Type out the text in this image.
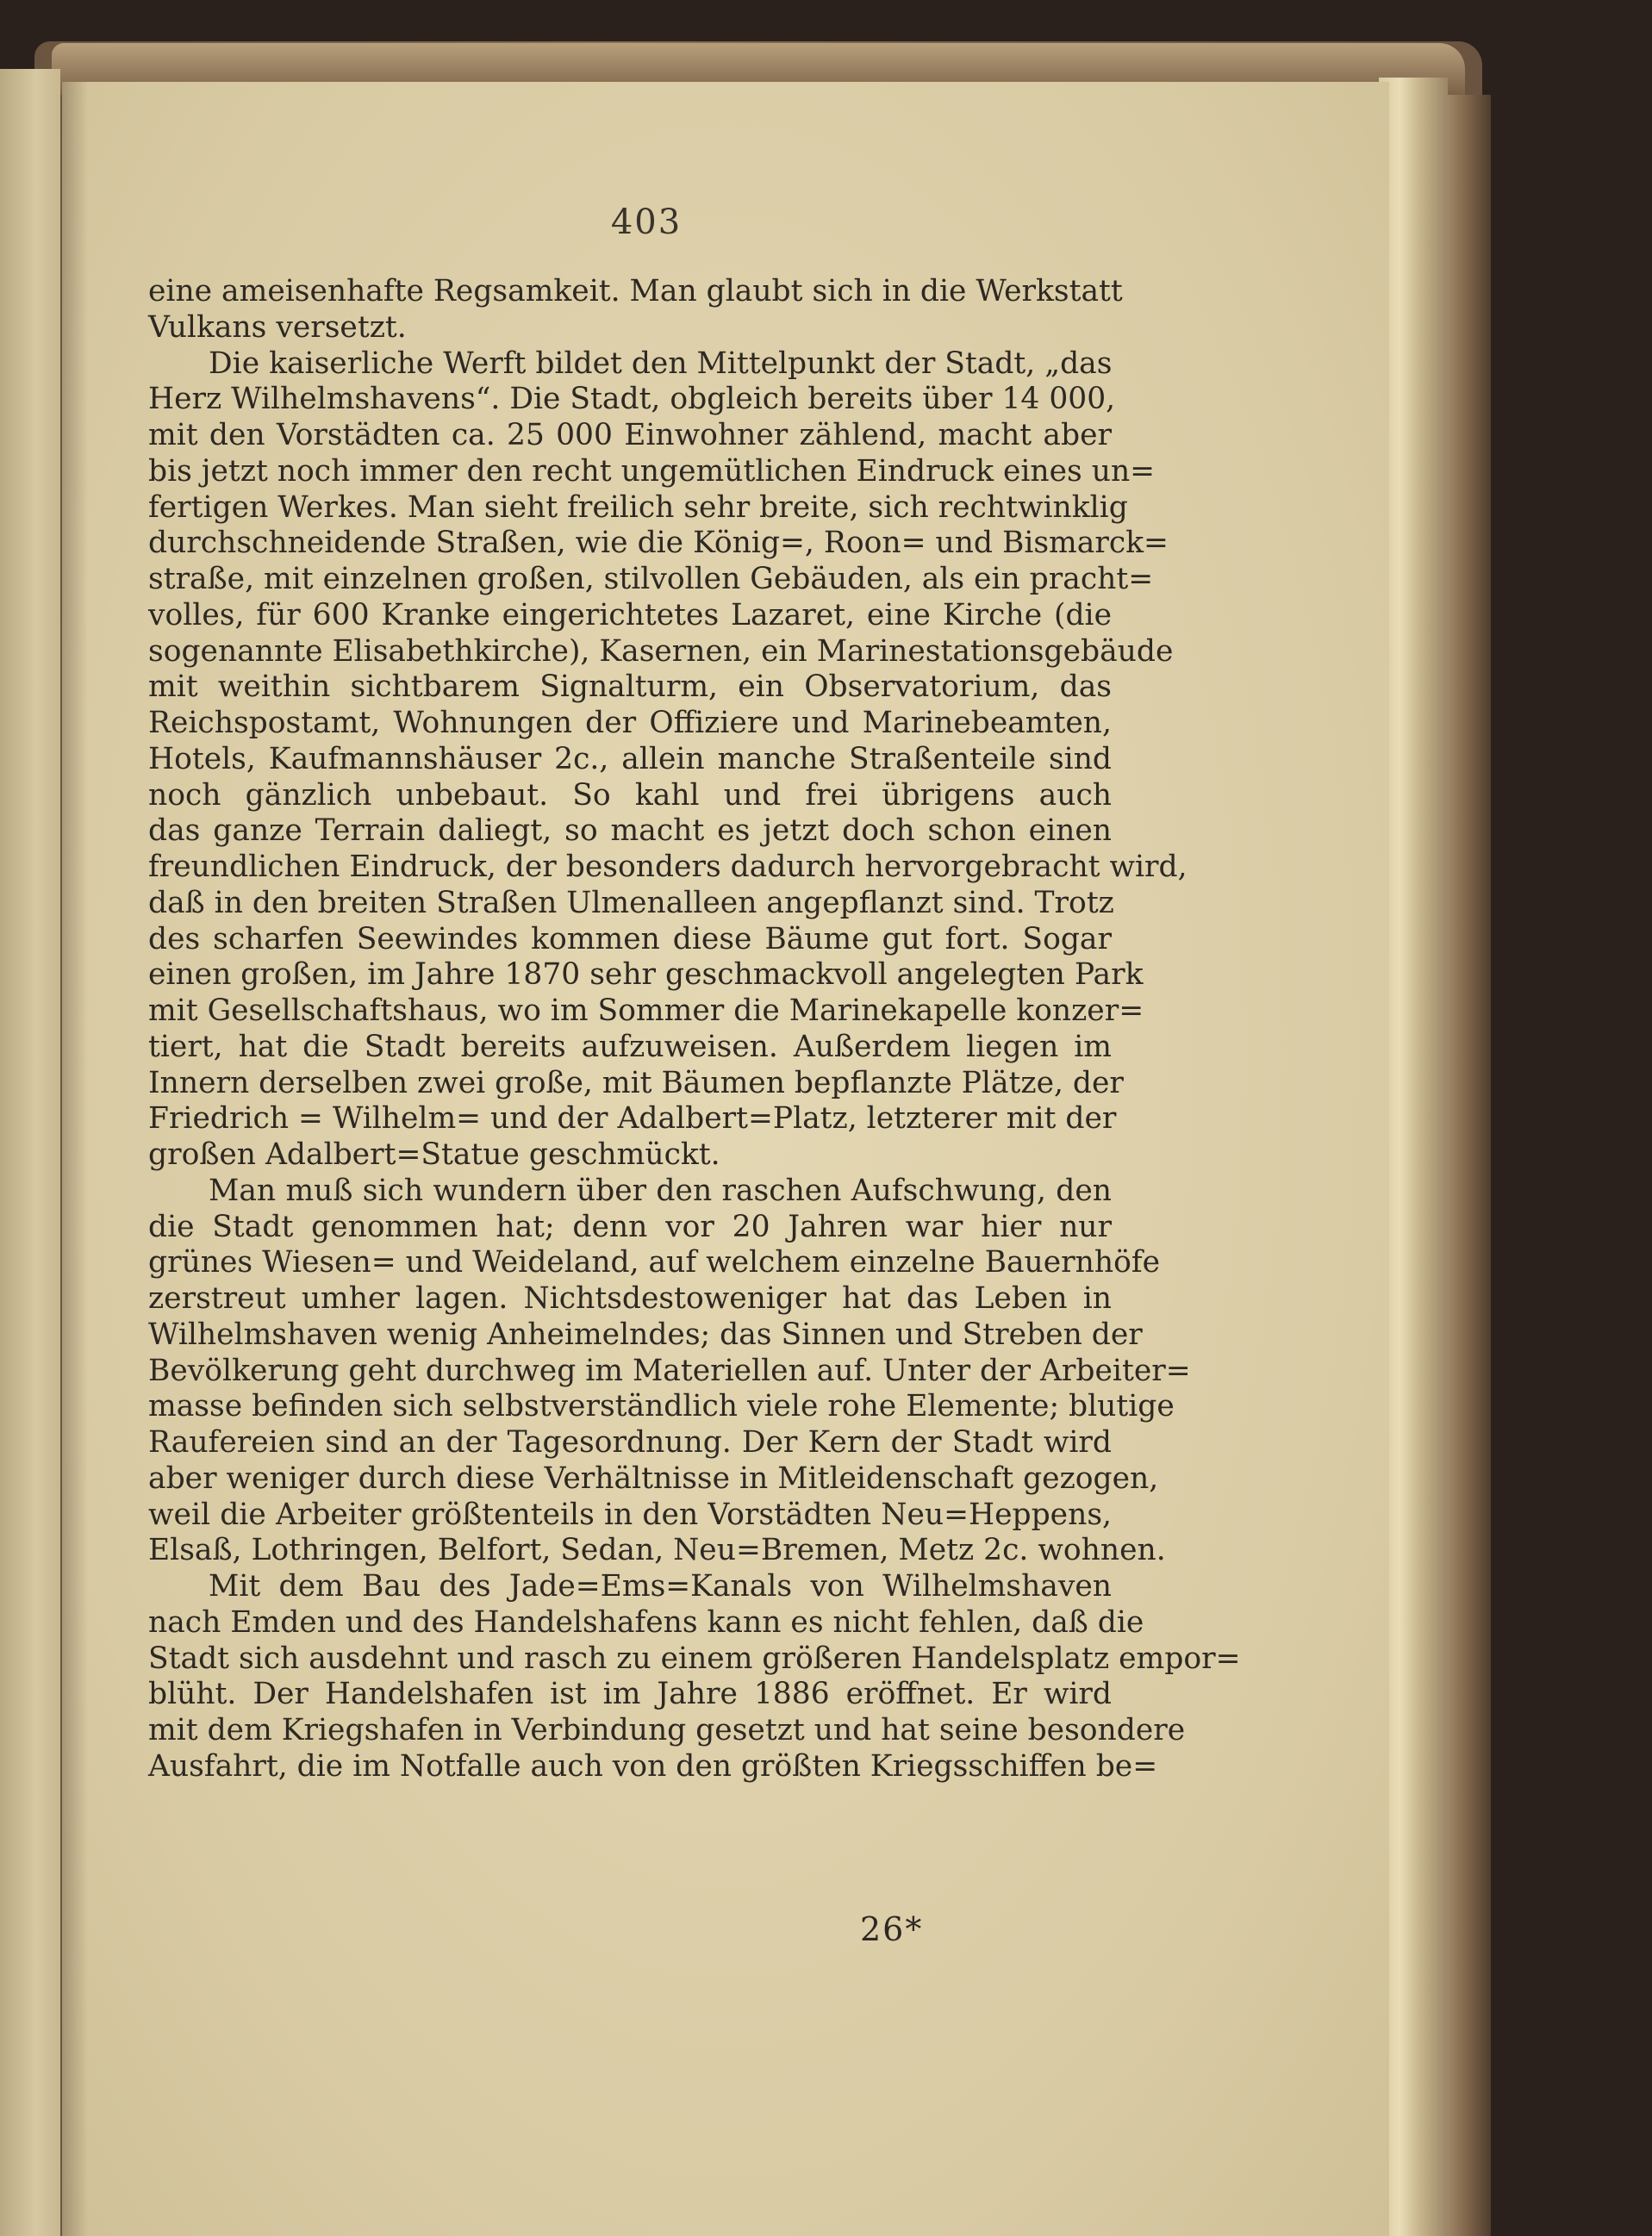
403
eine ameisenhafte Regsamkeit. Man glaubt sich in die Werkstatt
Vulkans versetzt.
Die kaiserliche Werft bildet den Mittelpunkt der Stadt, „das
Herz Wilhelmshavens“. Die Stadt, obgleich bereits über 14 000,
mit den Vorstädten ca. 25 000 Einwohner zählend, macht aber
bis jetzt noch immer den recht ungemütlichen Eindruck eines un=
fertigen Werkes. Man sieht freilich sehr breite, sich rechtwinklig
durchschneidende Straßen, wie die König=, Roon= und Bismarck=
straße, mit einzelnen großen, stilvollen Gebäuden, als ein pracht=
volles, für 600 Kranke eingerichtetes Lazaret, eine Kirche (die
sogenannte Elisabethkirche), Kasernen, ein Marinestationsgebäude
mit weithin sichtbarem Signalturm, ein Observatorium, das
Reichspostamt, Wohnungen der Offiziere und Marinebeamten,
Hotels, Kaufmannshäuser 2c., allein manche Straßenteile sind
noch gänzlich unbebaut. So kahl und frei übrigens auch
das ganze Terrain daliegt, so macht es jetzt doch schon einen
freundlichen Eindruck, der besonders dadurch hervorgebracht wird,
daß in den breiten Straßen Ulmenalleen angepflanzt sind. Trotz
des scharfen Seewindes kommen diese Bäume gut fort. Sogar
einen großen, im Jahre 1870 sehr geschmackvoll angelegten Park
mit Gesellschaftshaus, wo im Sommer die Marinekapelle konzer=
tiert, hat die Stadt bereits aufzuweisen. Außerdem liegen im
Innern derselben zwei große, mit Bäumen bepflanzte Plätze, der
Friedrich = Wilhelm= und der Adalbert=Platz, letzterer mit der
großen Adalbert=Statue geschmückt.
Man muß sich wundern über den raschen Aufschwung, den
die Stadt genommen hat; denn vor 20 Jahren war hier nur
grünes Wiesen= und Weideland, auf welchem einzelne Bauernhöfe
zerstreut umher lagen. Nichtsdestoweniger hat das Leben in
Wilhelmshaven wenig Anheimelndes; das Sinnen und Streben der
Bevölkerung geht durchweg im Materiellen auf. Unter der Arbeiter=
masse befinden sich selbstverständlich viele rohe Elemente; blutige
Raufereien sind an der Tagesordnung. Der Kern der Stadt wird
aber weniger durch diese Verhältnisse in Mitleidenschaft gezogen,
weil die Arbeiter größtenteils in den Vorstädten Neu=Heppens,
Elsaß, Lothringen, Belfort, Sedan, Neu=Bremen, Metz 2c. wohnen.
Mit dem Bau des Jade=Ems=Kanals von Wilhelmshaven
nach Emden und des Handelshafens kann es nicht fehlen, daß die
Stadt sich ausdehnt und rasch zu einem größeren Handelsplatz empor=
blüht. Der Handelshafen ist im Jahre 1886 eröffnet. Er wird
mit dem Kriegshafen in Verbindung gesetzt und hat seine besondere
Ausfahrt, die im Notfalle auch von den größten Kriegsschiffen be=
26*
